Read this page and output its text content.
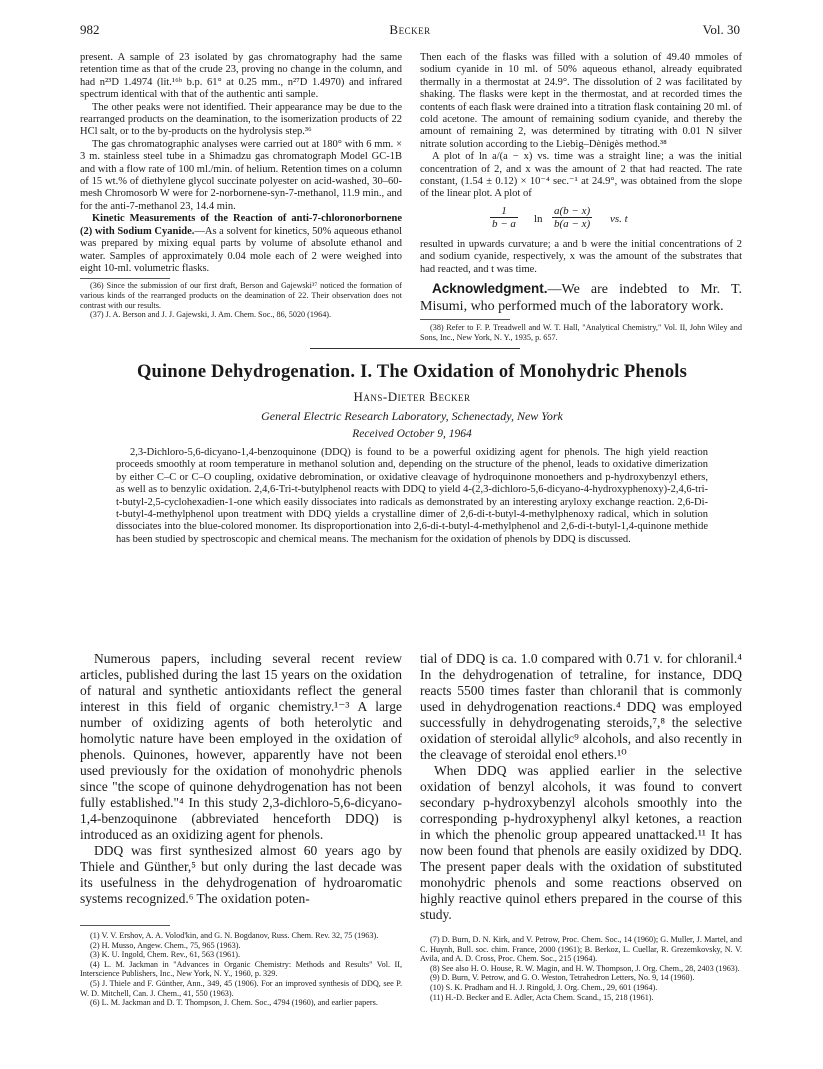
982	Becker	Vol. 30

present. A sample of 23 isolated by gas chromatography had the same retention time as that of the crude 23, proving no change in the column, and had n²³D 1.4974 (lit.¹⁶ᵇ b.p. 61° at 0.25 mm., n²⁷D 1.4970) and infrared spectrum identical with that of the authentic anti sample.

The other peaks were not identified. Their appearance may be due to the rearranged products on the deamination, to the isomerization products of 22 HCl salt, or to the by-products on the hydrolysis step.³⁶

The gas chromatographic analyses were carried out at 180° with 6 mm. × 3 m. stainless steel tube in a Shimadzu gas chromatograph Model GC-1B and with a flow rate of 100 ml./min. of helium. Retention times on a column of 15 wt.% of diethylene glycol succinate polyester on acid-washed, 30–60-mesh Chromosorb W were for 2-norbornene-syn-7-methanol, 11.9 min., and for the anti-7-methanol 23, 14.4 min.

Kinetic Measurements of the Reaction of anti-7-chloronorbornene (2) with Sodium Cyanide.—As a solvent for kinetics, 50% aqueous ethanol was prepared by mixing equal parts by volume of absolute ethanol and water. Samples of approximately 0.04 mole each of 2 were weighed into eight 10-ml. volumetric flasks.

(36) Since the submission of our first draft, Berson and Gajewski³⁷ noticed the formation of various kinds of the rearranged products on the deamination of 22. Their observation does not contrast with our results.

(37) J. A. Berson and J. J. Gajewski, J. Am. Chem. Soc., 86, 5020 (1964).

Then each of the flasks was filled with a solution of 49.40 mmoles of sodium cyanide in 10 ml. of 50% aqueous ethanol, already equibrated thermally in a thermostat at 24.9°. The dissolution of 2 was facilitated by shaking. The flasks were kept in the thermostat, and at recorded times the contents of each flask were drained into a titration flask containing 20 ml. of cold acetone. The amount of remaining sodium cyanide, and thereby the amount of remaining 2, was determined by titrating with 0.01 N silver nitrate solution according to the Liebig–Dènigès method.³⁸

A plot of ln a/(a − x) vs. time was a straight line; a was the initial concentration of 2, and x was the amount of 2 that had reacted. The rate constant, (1.54 ± 0.12) × 10⁻⁴ sec.⁻¹ at 24.9°, was obtained from the slope of the linear plot. A plot of

$\frac{1}{b - a}$ $\ln \frac{a(b - x)}{b(a - x)}$ vs. t

resulted in upwards curvature; a and b were the initial concentrations of 2 and sodium cyanide, respectively, x was the amount of the substrates that had reacted, and t was time.

Acknowledgment.—We are indebted to Mr. T. Misumi, who performed much of the laboratory work.

(38) Refer to F. P. Treadwell and W. T. Hall, "Analytical Chemistry," Vol. II, John Wiley and Sons, Inc., New York, N. Y., 1935, p. 657.

Quinone Dehydrogenation. I. The Oxidation of Monohydric Phenols
Hans-Dieter Becker
General Electric Research Laboratory, Schenectady, New York
Received October 9, 1964

2,3-Dichloro-5,6-dicyano-1,4-benzoquinone (DDQ) is found to be a powerful oxidizing agent for phenols. The high yield reaction proceeds smoothly at room temperature in methanol solution and, depending on the structure of the phenol, leads to oxidative dimerization by either C–C or C–O coupling, oxidative debromination, or oxidative cleavage of hydroquinone monoethers and p-hydroxybenzyl ethers, as well as to benzylic oxidation. 2,4,6-Tri-t-butylphenol reacts with DDQ to yield 4-(2,3-dichloro-5,6-dicyano-4-hydroxyphenoxy)-2,4,6-tri-t-butyl-2,5-cyclohexadien-1-one which easily dissociates into radicals as demonstrated by an interesting aryloxy exchange reaction. 2,6-Di-t-butyl-4-methylphenol upon treatment with DDQ yields a crystalline dimer of 2,6-di-t-butyl-4-methylphenoxy radical, which in solution dissociates into the blue-colored monomer. Its disproportionation into 2,6-di-t-butyl-4-methylphenol and 2,6-di-t-butyl-1,4-quinone methide has been studied by spectroscopic and chemical means. The mechanism for the oxidation of phenols by DDQ is discussed.

Numerous papers, including several recent review articles, published during the last 15 years on the oxidation of natural and synthetic antioxidants reflect the general interest in this field of organic chemistry.¹⁻³ A large number of oxidizing agents of both heterolytic and homolytic nature have been employed in the oxidation of phenols. Quinones, however, apparently have not been used previously for the oxidation of monohydric phenols since "the scope of quinone dehydrogenation has not been fully established."⁴ In this study 2,3-dichloro-5,6-dicyano-1,4-benzoquinone (abbreviated henceforth DDQ) is introduced as an oxidizing agent for phenols.

DDQ was first synthesized almost 60 years ago by Thiele and Günther,⁵ but only during the last decade was its usefulness in the dehydrogenation of hydroaromatic systems recognized.⁶ The oxidation poten-

tial of DDQ is ca. 1.0 compared with 0.71 v. for chloranil.⁴ In the dehydrogenation of tetraline, for instance, DDQ reacts 5500 times faster than chloranil that is commonly used in dehydrogenation reactions.⁴ DDQ was employed successfully in dehydrogenating steroids,⁷,⁸ the selective oxidation of steroidal allylic⁹ alcohols, and also recently in the cleavage of steroidal enol ethers.¹⁰

When DDQ was applied earlier in the selective oxidation of benzyl alcohols, it was found to convert secondary p-hydroxybenzyl alcohols smoothly into the corresponding p-hydroxyphenyl alkyl ketones, a reaction in which the phenolic group appeared unattacked.¹¹ It has now been found that phenols are easily oxidized by DDQ. The present paper deals with the oxidation of substituted monohydric phenols and some reactions observed on highly reactive quinol ethers prepared in the course of this study.

(1) V. V. Ershov, A. A. Volod'kin, and G. N. Bogdanov, Russ. Chem. Rev. 32, 75 (1963).

(2) H. Musso, Angew. Chem., 75, 965 (1963).

(3) K. U. Ingold, Chem. Rev., 61, 563 (1961).

(4) L. M. Jackman in "Advances in Organic Chemistry: Methods and Results" Vol. II, Interscience Publishers, Inc., New York, N. Y., 1960, p. 329.

(5) J. Thiele and F. Günther, Ann., 349, 45 (1906). For an improved synthesis of DDQ, see P. W. D. Mitchell, Can. J. Chem., 41, 550 (1963).

(6) L. M. Jackman and D. T. Thompson, J. Chem. Soc., 4794 (1960), and earlier papers.

(7) D. Burn, D. N. Kirk, and V. Petrow, Proc. Chem. Soc., 14 (1960); G. Muller, J. Martel, and C. Huynh, Bull. soc. chim. France, 2000 (1961); B. Berkoz, L. Cuellar, R. Grezemkovsky, N. V. Avila, and A. D. Cross, Proc. Chem. Soc., 215 (1964).

(8) See also H. O. House, R. W. Magin, and H. W. Thompson, J. Org. Chem., 28, 2403 (1963).

(9) D. Burn, V. Petrow, and G. O. Weston, Tetrahedron Letters, No. 9, 14 (1960).

(10) S. K. Pradham and H. J. Ringold, J. Org. Chem., 29, 601 (1964).

(11) H.-D. Becker and E. Adler, Acta Chem. Scand., 15, 218 (1961).
